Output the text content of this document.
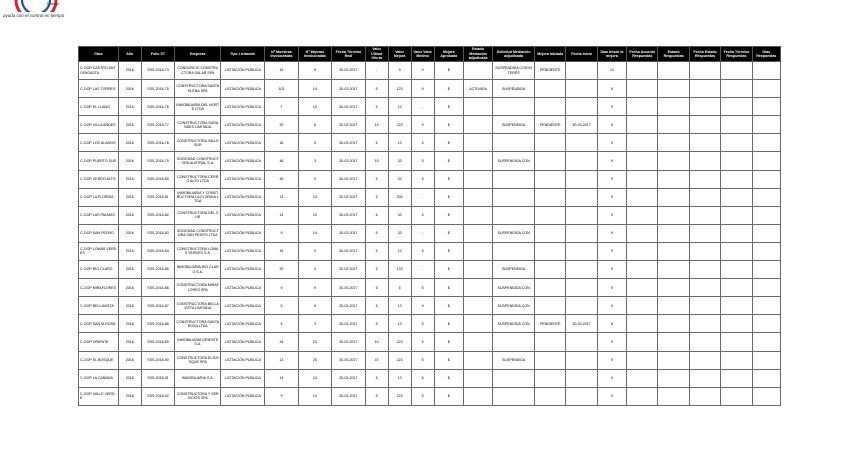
Trabajo
ayuda con el control en tiempo
Obra	Año	Folio ST	Empresa	Tipo Licitación	Nº Muestras Involucradas	Nº Mejoras Involucradas	Fecha Término Real	Valor Última Oferta	Valor Mejora	Valor Valor Mínimo	Mejora Aprobada	Estado Mediación adjudicada	Solicitud Mediación adjudicada	Mejora Iniciada	Fecha Inicio	Días desde la mejora	Fecha Acuerdo Respuestas	Estado Respuestas	Fecha Estado Respuestas	Fecha Término Respuestas	Días Respuestas
C-OOP CASTRO ANTOFAGASTA	2016	SSS-2016-74	CONSORCIO CONSTRUCTORA SALAR SPA	LICITACIÓN PÚBLICA	15	9	30-03-2017	-	9	9	$		SUSPENDIDA CON INTERÉS	PENDIENTE		12					
C-OOP LAS TORRES	2016	SSS-2016-75	CONSTRUCTORA SANTA ELENA SPA	LICITACIÓN PÚBLICA	103	14	30-03-2017	5	123	9	$	ACTIVADA	SUSPENDIDA			6					
C-OOP EL LLANO	2016	SSS-2016-76	INMOBILIARIA DEL NORTE LTDA	LICITACIÓN PÚBLICA	7	10	30-03-2017	5	13	-	$					9					
C-OOP VILLA ANDES	2016	SSS-2016-77	CONSTRUCTORA SURANDES LIMITADA	LICITACIÓN PÚBLICA	20	8	30-03-2017	14	223	9	$		SUSPENDIDA	PENDIENTE	30-03-2017	6					
C-OOP LOS ALAMOS	2016	SSS-2016-78	CONSTRUCTORA VALLE SUR	LICITACIÓN PÚBLICA	16	5	30-03-2017	5	13	5	$					9					
C-OOP PUERTO SUR	2016	SSS-2016-79	SOCIEDAD CONSTRUCTORA AUSTRAL S.A.	LICITACIÓN PÚBLICA	46	3	30-03-2017	10	33	5	$		SUSPENDIDA CON			9					
C-OOP CERRO ALTO	2016	SSS-2016-80	CONSTRUCTORA CERRO ALTO LTDA	LICITACIÓN PÚBLICA	30	9	30-03-2017	5	33	5	$					9					
C-OOP LA FLORIDA	2016	SSS-2016-81	INMOBILIARIA Y CONSTRUCTORA LA FLORIDA LTDA	LICITACIÓN PÚBLICA	13	24	30-03-2017	5	200	-	$					9					
C-OOP LAS PALMAS	2016	SSS-2016-82	CONSTRUCTORA DEL SUR	LICITACIÓN PÚBLICA	14	10	30-03-2017	6	33	5	$					9					
C-OOP SAN PEDRO	2016	SSS-2016-83	SOCIEDAD CONSTRUCTORA SAN PEDRO LTDA	LICITACIÓN PÚBLICA	9	14	30-03-2017	5	33	-	$		SUSPENDIDA CON			9					
C-OOP LOMAS VERDES	2016	SSS-2016-84	CONSTRUCTORA LOMAS VERDES S.A.	LICITACIÓN PÚBLICA	15	9	30-03-2017	5	13	5	$					9					
C-OOP RÍO CLARO	2016	SSS-2016-85	INMOBILIARIA RÍO CLARO S.A.	LICITACIÓN PÚBLICA	20	4	30-03-2017	5	133	-	$		SUSPENDIDA			9					
C-OOP MIRAFLORES	2016	SSS-2016-86	CONSTRUCTORA MIRAFLORES SPA	LICITACIÓN PÚBLICA	9	9	30-03-2017	5	5	5	$		SUSPENDIDA CON			9					
C-OOP BELLAVISTA	2016	SSS-2016-87	CONSTRUCTORA BELLAVISTA LIMITADA	LICITACIÓN PÚBLICA	5	9	30-03-2017	5	13	9	$		SUSPENDIDA CON			9					
C-OOP SANTA ROSA	2016	SSS-2016-88	CONSTRUCTORA SANTA ROSA LTDA	LICITACIÓN PÚBLICA	4	3	30-03-2017	5	13	5	$		SUSPENDIDA CON	PENDIENTE	30-03-2017	6					
C-OOP ORIENTE	2016	SSS-2016-89	INMOBILIARIA ORIENTE S.A.	LICITACIÓN PÚBLICA	34	23	30-03-2017	10	223	5	$					9					
C-OOP EL BOSQUE	2016	SSS-2016-90	CONSTRUCTORA EL BOSQUE SPA	LICITACIÓN PÚBLICA	13	25	30-03-2017	47	223	5	$		SUSPENDIDA			9					
C-OOP LA CAÑADA	2016	SSS-2016-91	INMOBILIARIA S.A.	LICITACIÓN PÚBLICA	14	24	30-03-2017	5	13	5	$					9					
C-OOP VALLE VERDE	2016	SSS-2016-92	CONSTRUCTORA Y SERVICIOS SPA	LICITACIÓN PÚBLICA	9	14	30-03-2017	5	223	5	$					9					
